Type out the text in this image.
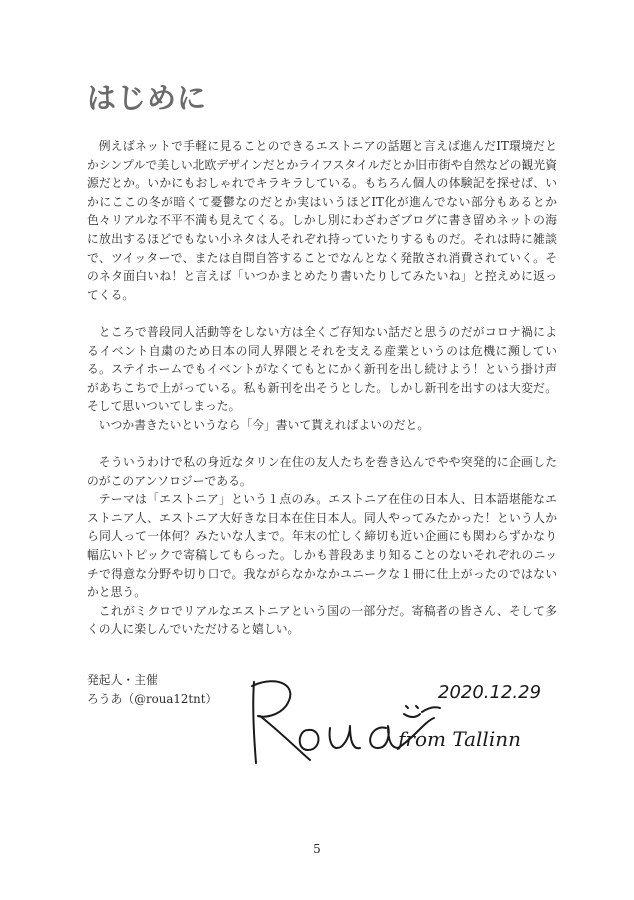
はじめに

例えばネットで手軽に見ることのできるエストニアの話題と言えば進んだIT環境だとかシンプルで美しい北欧デザインだとかライフスタイルだとか旧市街や自然などの観光資源だとか。いかにもおしゃれでキラキラしている。もちろん個人の体験記を探せば、いかにここの冬が暗くて憂鬱なのだとか実はいうほどIT化が進んでない部分もあるとか色々リアルな不平不満も見えてくる。しかし別にわざわざブログに書き留めネットの海に放出するほどでもない小ネタは人それぞれ持っていたりするものだ。それは時に雑談で、ツイッターで、または自問自答することでなんとなく発散され消費されていく。そのネタ面白いね！と言えば「いつかまとめたり書いたりしてみたいね」と控えめに返ってくる。

ところで普段同人活動等をしない方は全くご存知ない話だと思うのだがコロナ禍によるイベント自粛のため日本の同人界隈とそれを支える産業というのは危機に瀕している。ステイホームでもイベントがなくてもとにかく新刊を出し続けよう！という掛け声があちこちで上がっている。私も新刊を出そうとした。しかし新刊を出すのは大変だ。そして思いついてしまった。

いつか書きたいというなら「今」書いて貰えればよいのだと。

そういうわけで私の身近なタリン在住の友人たちを巻き込んでやや突発的に企画したのがこのアンソロジーである。

テーマは「エストニア」という１点のみ。エストニア在住の日本人、日本語堪能なエストニア人、エストニア大好きな日本在住日本人。同人やってみたかった！という人から同人って一体何？みたいな人まで。年末の忙しく締切も近い企画にも関わらずかなり幅広いトピックで寄稿してもらった。しかも普段あまり知ることのないそれぞれのニッチで得意な分野や切り口で。我ながらなかなかユニークな１冊に仕上がったのではないかと思う。

これがミクロでリアルなエストニアという国の一部分だ。寄稿者の皆さん、そして多くの人に楽しんでいただけると嬉しい。

発起人・主催
ろうあ（@roua12tnt）	2020.12.29
from Tallinn
5
